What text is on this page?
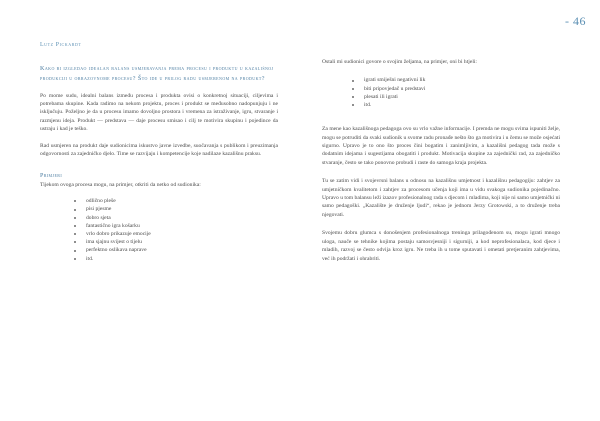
- 46
Lutz Pickardt
Kako bi izgledao idealan balans usmjeravanja prema procesu i produktu u kazališnoj produkciji u obrazovnome procesu? Što ide u prilog radu usmjerenom na produkt?

Po mome sudu, idealni balans između procesa i produkta ovisi o konkretnoj situaciji, ciljevima i potrebama skupine. Kada radimo na nekom projektu, proces i produkt se međusobno nadopunjuju i ne isključuju. Poželjno je da u procesu imamo dovoljno prostora i vremena za istraživanje, igru, stvaranje i razmjenu ideja. Produkt — predstava — daje procesu smisao i cilj te motivira skupinu i pojedince da ustraju i kad je teško.

Rad usmjeren na produkt daje sudionicima iskustvo javne izvedbe, suočavanja s publikom i preuzimanja odgovornosti za zajedničko djelo. Time se razvijaju i kompetencije koje nadilaze kazališnu praksu.

Primjeri

Tijekom ovoga procesa mogu, na primjer, otkriti da netko od sudionika:

odlično pleše
pisi pjesme
dobro sjeta
fantastično igra košarku
vrlo dobro prikazuje emocije
ima sjajnu svijest o tijelu
perfektno oslikava naprave
itd.

Ostali mi sudionici govore o svojim željama, na primjer, oni bi htjeli:

igrati smiješni negativni lik
biti pripovjedač u predstavi
plesati ili igrati
itd.

Za mene kao kazališnoga pedagoga ovo su vrlo važne informacije. I premda ne mogu svima ispuniti želje, mogu se potruditi da svaki sudionik u svome radu pronađe nešto što ga motivira i u čemu se može osjećati sigurno. Upravo je to ono što proces čini bogatim i zanimljivim, a kazališni pedagog tada može s dodatnim idejama i sugestijama obogatiti i produkt. Motivacija skupine za zajednički rad, za zajedničko stvaranje, često se tako ponovno probudi i raste do samoga kraja projekta.

Tu se zatim vidi i svojevrsni balans u odnosu na kazališnu umjetnost i kazališnu pedagogiju: zahtjev za umjetničkom kvalitetom i zahtjev za procesom učenja koji ima u vidu svakoga sudionika pojedinačno. Upravo u tom balansu leži izazov profesionalnog rada s djecom i mladima, koji nije ni samo umjetnički ni samo pedagoški. „Kazalište je druženje ljudi“, rekao je jednom Jerzy Grotowski, a to druženje treba njegovati.

Svojemu dobru glumca s donošenjem profesionalnoga treninga prilagođenom su, mogu igrati mnogo uloga, nauče se tehnike kojima postaju samosvjesniji i sigurniji, a kod neprofesionalaca, kod djece i mladih, razvoj se često odvija kroz igru. Ne treba ih u tome sputavati i ometati pretjeranim zahtjevima, već ih podržati i ohrabriti.
